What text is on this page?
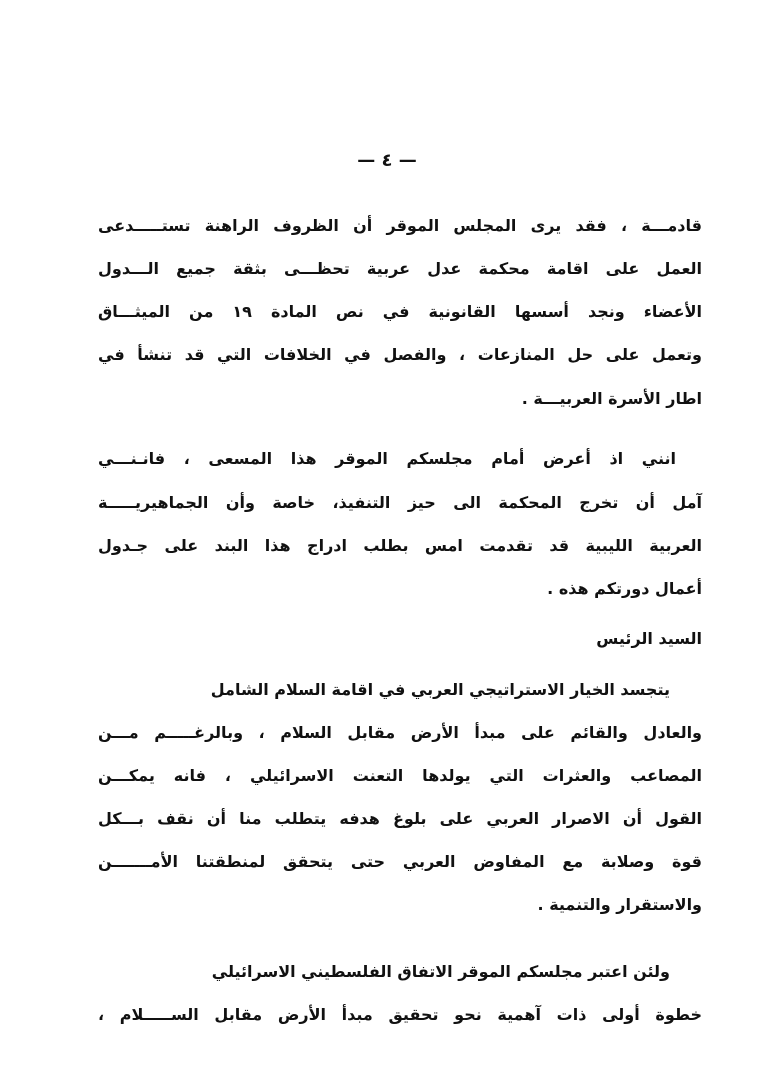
— ٤ —
قادمـــة ، فقد يرى المجلس الموقر أن الظروف الراهنة تستـــــدعى
العمل على اقامة محكمة عدل عربية تحظـــى بثقة جميع الـــدول
الأعضاء ونجد أسسها القانونية في نص المادة ١٩ من الميثـــاق
وتعمل على حل المنازعات ، والفصل في الخلافات التي قد تنشأ في
اطار الأسرة العربيـــة .
انني اذ أعرض أمام مجلسكم الموقر هذا المسعى ، فانـنـــي
آمل أن تخرج المحكمة الى حيز التنفيذ، خاصة وأن الجماهيريـــــة
العربية الليبية قد تقدمت امس بطلب ادراج هذا البند على جـدول
أعمال دورتكم هذه .
السيد الرئيس
يتجسد الخيار الاستراتيجي العربي في اقامة السلام الشامل
والعادل والقائم على مبدأ الأرض مقابل السلام ، وبالرغـــــم مـــن
المصاعب والعثرات التي يولدها التعنت الاسرائيلي ، فانه يمكـــن
القول أن الاصرار العربي على بلوغ هدفه يتطلب منا أن نقف بـــكل
قوة وصلابة مع المفاوض العربي حتى يتحقق لمنطقتنا الأمـــــــن
والاستقرار والتنمية .
ولئن اعتبر مجلسكم الموقر الاتفاق الفلسطيني الاسرائيلي
خطوة أولى ذات آهمية نحو تحقيق مبدأ الأرض مقابل الســـــلام ،
